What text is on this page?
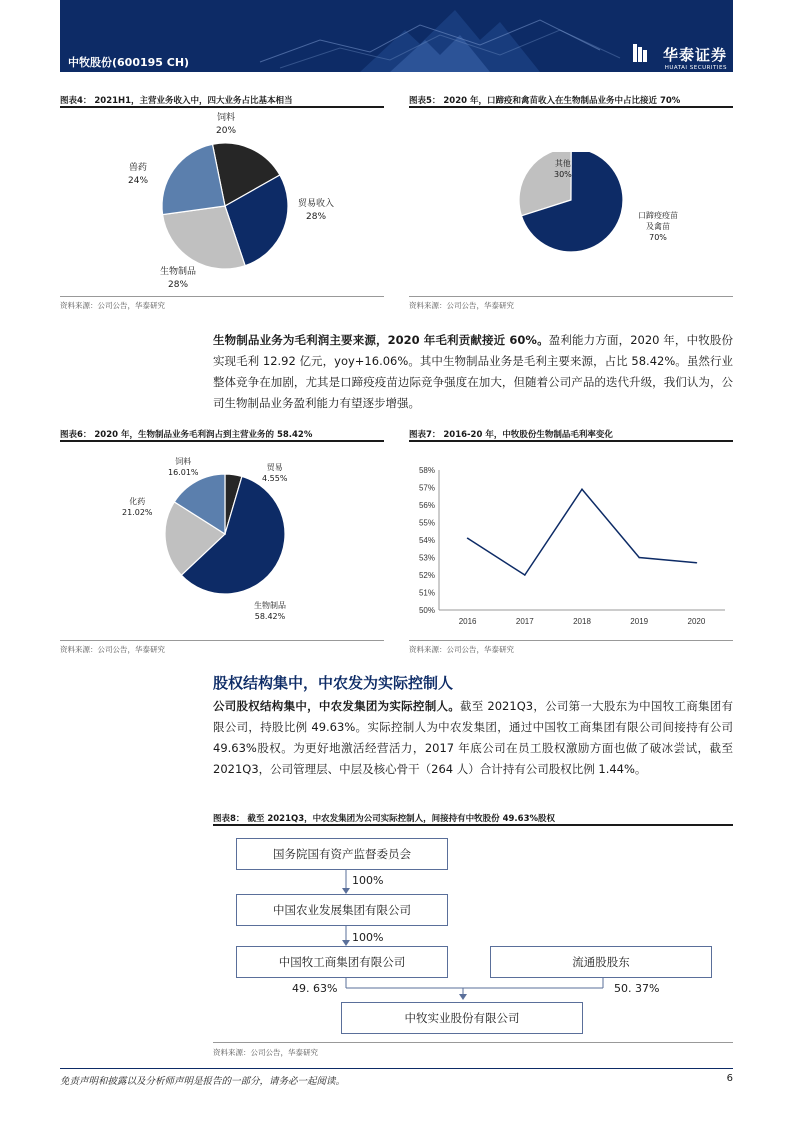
中牧股份(600195 CH)	华泰证券
HUATAI SECURITIES
图表4： 2021H1，主营业务收入中，四大业务占比基本相当
饲料
20%
贸易收入
28%
生物制品
28%
兽药
24%
资料来源：公司公告，华泰研究
图表5： 2020 年，口蹄疫和禽苗收入在生物制品业务中占比接近 70%
其他
30%
口蹄疫疫苗
及禽苗
70%
资料来源：公司公告，华泰研究
生物制品业务为毛利润主要来源，2020 年毛利贡献接近 60%。盈利能力方面，2020 年，中牧股份实现毛利 12.92 亿元，yoy+16.06%。其中生物制品业务是毛利主要来源，占比 58.42%。虽然行业整体竞争在加剧，尤其是口蹄疫疫苗边际竞争强度在加大，但随着公司产品的迭代升级，我们认为，公司生物制品业务盈利能力有望逐步增强。
图表6： 2020 年，生物制品业务毛利润占到主营业务的 58.42%
贸易
4.55%
生物制品
58.42%
化药
21.02%
饲料
16.01%
资料来源：公司公告，华泰研究
图表7： 2016-20 年，中牧股份生物制品毛利率变化
50%
51%
52%
53%
54%
55%
56%
57%
58%
2016	2017	2018	2019	2020
资料来源：公司公告，华泰研究
股权结构集中，中农发为实际控制人
公司股权结构集中，中农发集团为实际控制人。截至 2021Q3，公司第一大股东为中国牧工商集团有限公司，持股比例 49.63%。实际控制人为中农发集团，通过中国牧工商集团有限公司间接持有公司 49.63%股权。为更好地激活经营活力，2017 年底公司在员工股权激励方面也做了破冰尝试，截至 2021Q3，公司管理层、中层及核心骨干（264 人）合计持有公司股权比例 1.44%。
图表8： 截至 2021Q3，中农发集团为公司实际控制人，间接持有中牧股份 49.63%股权
国务院国有资产监督委员会
100%
中国农业发展集团有限公司
100%
中国牧工商集团有限公司	流通股股东
49. 63%	50. 37%
中牧实业股份有限公司
资料来源：公司公告，华泰研究
免责声明和披露以及分析师声明是报告的一部分，请务必一起阅读。	6
